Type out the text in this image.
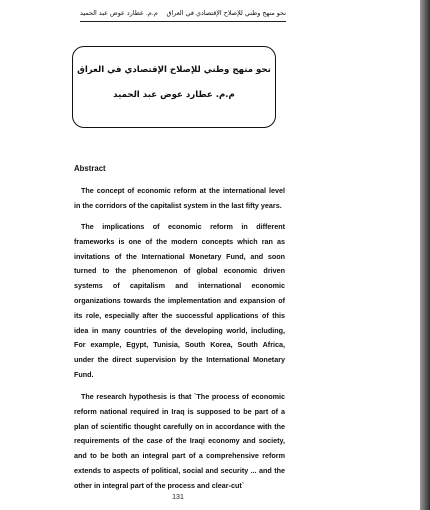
نحو منهج وطني للإصلاح الإقتصادي في العراق
م.م. عطارد عوض عبد الحميد
نحو منهج وطني للإصلاح الإقتصادي في العراق
م.م. عطارد عوض عبد الحميد
Abstract

The concept of economic reform at the international level in the corridors of the capitalist system in the last fifty years.

The implications of economic reform in different frameworks is one of the modern concepts which ran as invitations of the International Monetary Fund, and soon turned to the phenomenon of global economic driven systems of capitalism and international economic organizations towards the implementation and expansion of its role, especially after the successful applications of this idea in many countries of the developing world, including, For example, Egypt, Tunisia, South Korea, South Africa, under the direct supervision by the International Monetary Fund.

The research hypothesis is that `The process of economic reform national required in Iraq is supposed to be part of a plan of scientific thought carefully on in accordance with the requirements of the case of the Iraqi economy and society, and to be both an integral part of a comprehensive reform extends to aspects of political, social and security ... and the other in integral part of the process and clear-cut`

131
